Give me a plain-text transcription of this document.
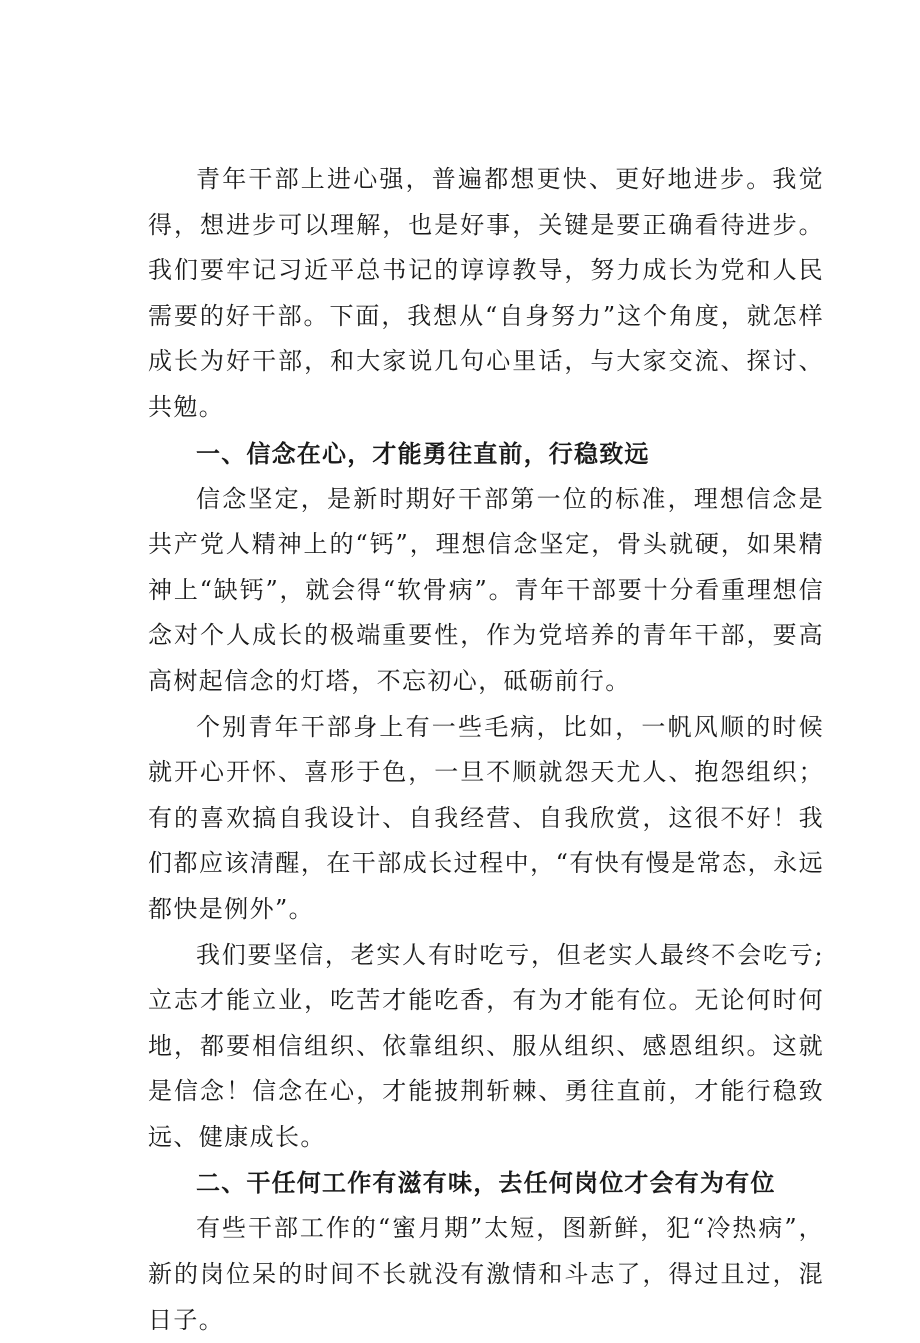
青年干部上进心强，普遍都想更快、更好地进步。我觉得，想进步可以理解，也是好事，关键是要正确看待进步。我们要牢记习近平总书记的谆谆教导，努力成长为党和人民需要的好干部。下面，我想从“自身努力”这个角度，就怎样成长为好干部，和大家说几句心里话，与大家交流、探讨、共勉。

一、信念在心，才能勇往直前，行稳致远

信念坚定，是新时期好干部第一位的标准，理想信念是共产党人精神上的“钙”，理想信念坚定，骨头就硬，如果精神上“缺钙”，就会得“软骨病”。青年干部要十分看重理想信念对个人成长的极端重要性，作为党培养的青年干部，要高高树起信念的灯塔，不忘初心，砥砺前行。

个别青年干部身上有一些毛病，比如，一帆风顺的时候就开心开怀、喜形于色，一旦不顺就怨天尤人、抱怨组织；有的喜欢搞自我设计、自我经营、自我欣赏，这很不好！我们都应该清醒，在干部成长过程中，“有快有慢是常态，永远都快是例外”。

我们要坚信，老实人有时吃亏，但老实人最终不会吃亏;立志才能立业，吃苦才能吃香，有为才能有位。无论何时何地，都要相信组织、依靠组织、服从组织、感恩组织。这就是信念！信念在心，才能披荆斩棘、勇往直前，才能行稳致远、健康成长。

二、干任何工作有滋有味，去任何岗位才会有为有位

有些干部工作的“蜜月期”太短，图新鲜，犯“冷热病”，新的岗位呆的时间不长就没有激情和斗志了，得过且过，混日子。
